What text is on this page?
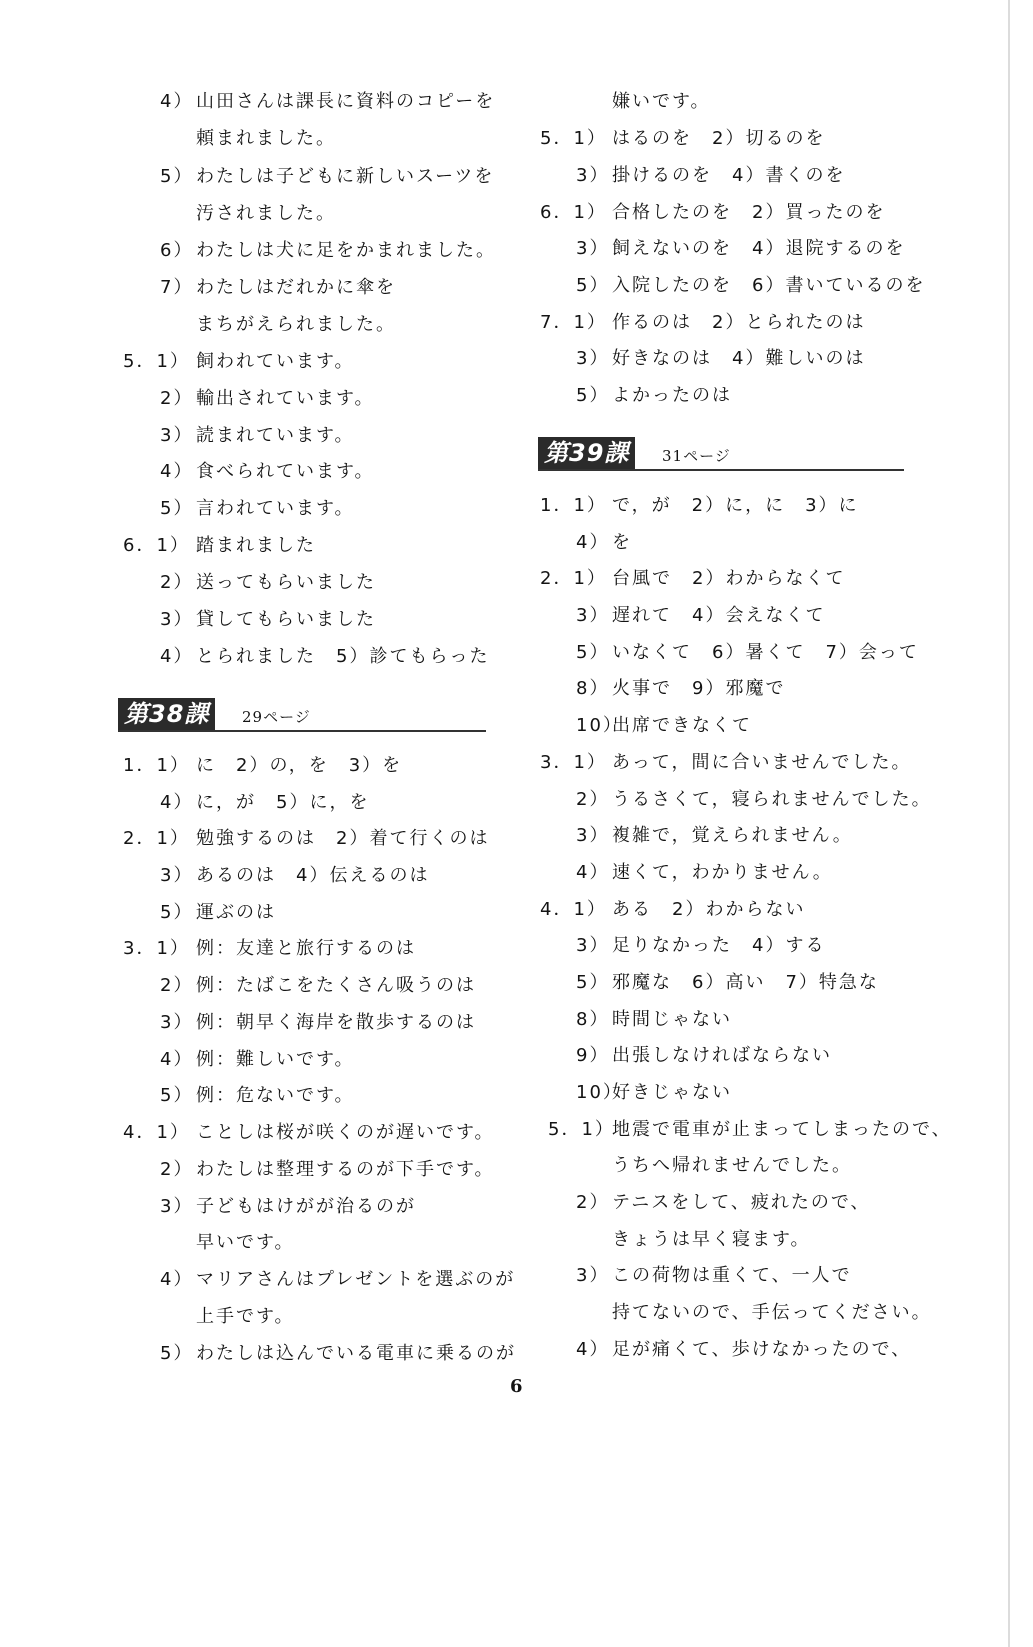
4） 山田さんは課長に資料のコピーを
頼まれました。
5） わたしは子どもに新しいスーツを
汚されました。
6） わたしは犬に足をかまれました。
7） わたしはだれかに傘を
まちがえられました。
5．1） 飼われています。
2） 輸出されています。
3） 読まれています。
4） 食べられています。
5） 言われています。
6．1） 踏まれました
2） 送ってもらいました
3） 貸してもらいました
4） とられました　5）診てもらった
第38課	29ページ
1．1） に　2）の，を　3）を
4） に，が　5）に，を
2．1） 勉強するのは　2）着て行くのは
3） あるのは　4）伝えるのは
5） 運ぶのは
3．1） 例：友達と旅行するのは
2） 例：たばこをたくさん吸うのは
3） 例：朝早く海岸を散歩するのは
4） 例：難しいです。
5） 例：危ないです。
4．1） ことしは桜が咲くのが遅いです。
2） わたしは整理するのが下手です。
3） 子どもはけがが治るのが
早いです。
4） マリアさんはプレゼントを選ぶのが
上手です。
5） わたしは込んでいる電車に乗るのが
嫌いです。
5．1） はるのを　2）切るのを
3） 掛けるのを　4）書くのを
6．1） 合格したのを　2）買ったのを
3） 飼えないのを　4）退院するのを
5） 入院したのを　6）書いているのを
7．1） 作るのは　2）とられたのは
3） 好きなのは　4）難しいのは
5） よかったのは
第39課	31ページ
1．1） で，が　2）に，に　3）に
4） を
2．1） 台風で　2）わからなくて
3） 遅れて　4）会えなくて
5） いなくて　6）暑くて　7）会って
8） 火事で　9）邪魔で
10）出席できなくて
3．1） あって，間に合いませんでした。
2） うるさくて，寝られませんでした。
3） 複雑で，覚えられません。
4） 速くて，わかりません。
4．1） ある　2）わからない
3） 足りなかった　4）する
5） 邪魔な　6）高い　7）特急な
8） 時間じゃない
9） 出張しなければならない
10）好きじゃない
5．1）地震で電車が止まってしまったので、
うちへ帰れませんでした。
2） テニスをして、疲れたので、
きょうは早く寝ます。
3） この荷物は重くて、一人で
持てないので、手伝ってください。
4） 足が痛くて、歩けなかったので、
6
